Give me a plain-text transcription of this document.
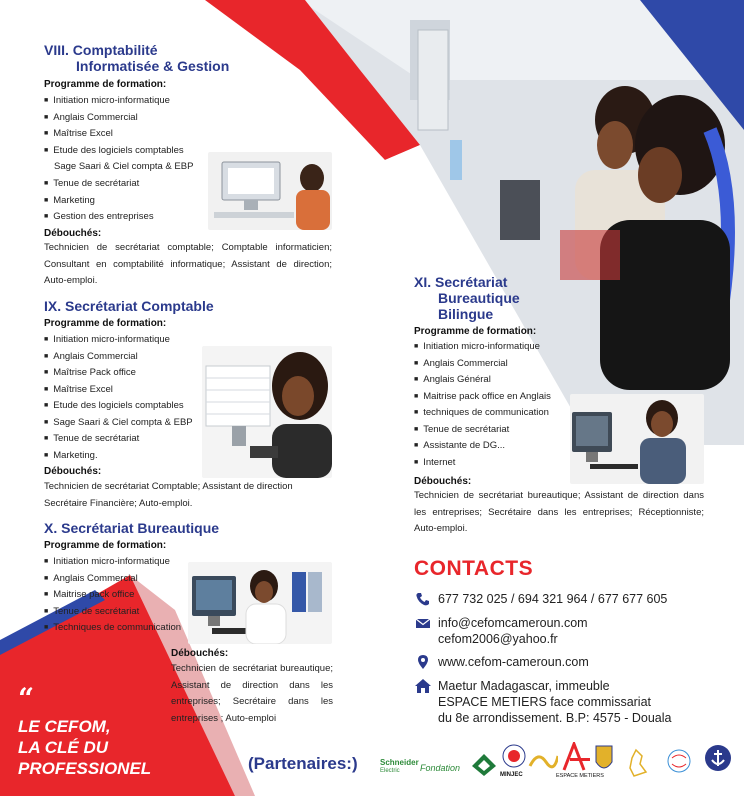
VIII. Comptabilité
Informatisée & Gestion
Programme de formation:
■ Initiation micro-informatique
■ Anglais Commercial
■ Maîtrise Excel
■ Etude des logiciels comptables
Sage Saari & Ciel compta & EBP
■ Tenue de secrétariat
■ Marketing
■ Gestion des entreprises
Débouchés:
Technicien de secrétariat comptable; Comptable informaticien; Consultant en comptabilité informatique; Assistant de direction; Auto-emploi.
IX. Secrétariat Comptable
Programme de formation:
■ Initiation micro-informatique
■ Anglais Commercial
■ Maîtrise Pack office
■ Maîtrise Excel
■ Etude des logiciels comptables
■ Sage Saari & Ciel compta & EBP
■ Tenue de secrétariat
■ Marketing.
Débouchés:
Technicien de secrétariat Comptable; Assistant de direction Secrétaire Financière; Auto-emploi.
X. Secrétariat Bureautique
Programme de formation:
■ Initiation micro-informatique
■ Anglais Commercial
■ Maitrise pack office
■ Tenue de secrétariat
■ Techniques de communication
Débouchés:
Technicien de secrétariat bureautique; Assistant de direction dans les entreprises; Secrétaire dans les entreprises ; Auto-emploi
XI. Secrétariat
Bureautique
Bilingue
Programme de formation:
■ Initiation micro-informatique
■ Anglais Commercial
■ Anglais Général
■ Maitrise pack office en Anglais
■ techniques de communication
■ Tenue de secrétariat
■ Assistante de DG...
■ Internet
Débouchés:
Technicien de secrétariat bureautique; Assistant de direction dans les entreprises; Secrétaire dans les entreprises; Réceptionniste; Auto-emploi.
CONTACTS
677 732 025 / 694 321 964 / 677 677 605
info@cefomcameroun.com
cefom2006@yahoo.fr
www.cefom-cameroun.com
Maetur Madagascar, immeuble
ESPACE METIERS face commissariat
du 8e arrondissement. B.P: 4575 - Douala
“
LE CEFOM,
LA CLÉ DU
PROFESSIONEL	(Partenaires:)	Schneider
Electric	Fondation
MINJEC	ESPACE METIERS
